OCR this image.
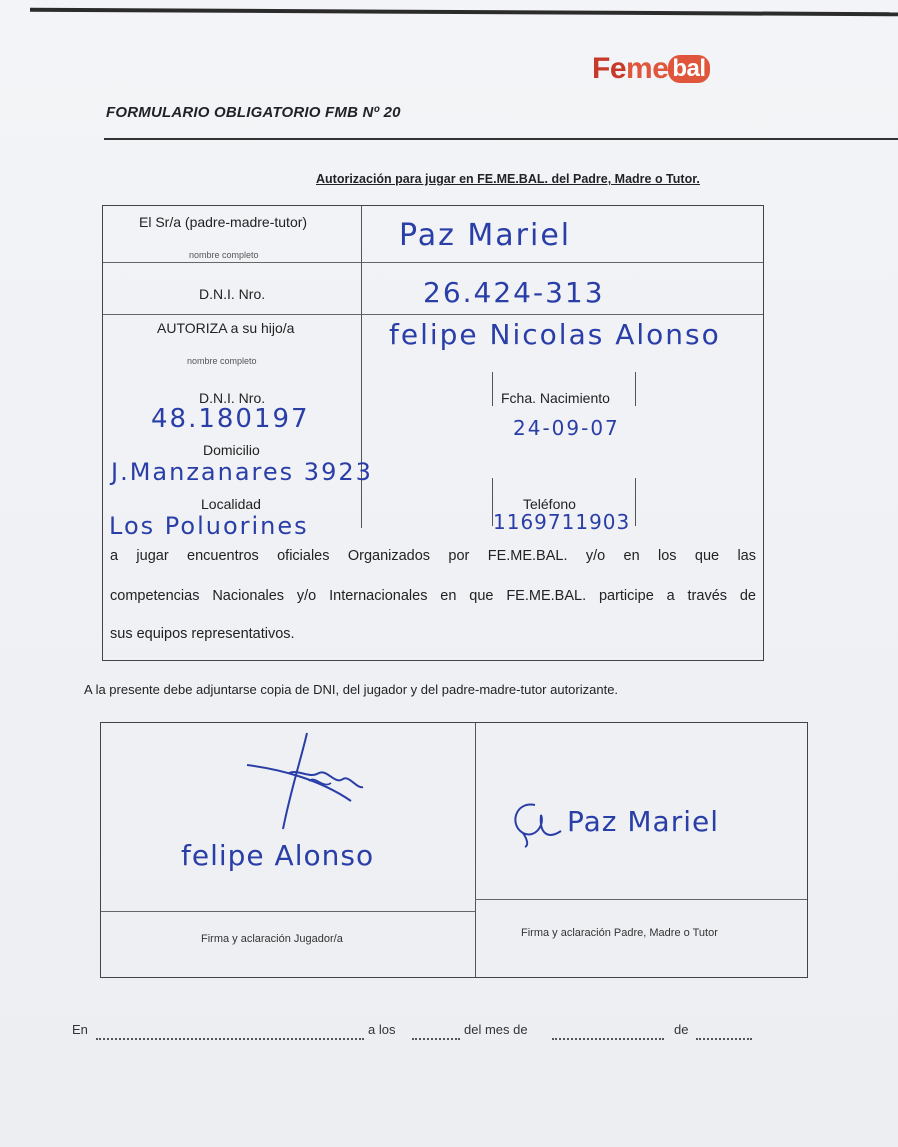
Feme bal
FORMULARIO OBLIGATORIO FMB Nº 20
Autorización para jugar en FE.ME.BAL. del Padre, Madre o Tutor.
El Sr/a (padre-madre-tutor)
nombre completo
Paz Mariel
D.N.I. Nro.	26.424-313
AUTORIZA a su hijo/a
nombre completo
felipe Nicolas Alonso
D.N.I. Nro.
48.180197
Fcha. Nacimiento
24-09-07
Domicilio
J.Manzanares 3923
Localidad
Los Poluorines
Teléfono
1169711903
a jugar encuentros oficiales Organizados por FE.ME.BAL. y/o en los que las
competencias Nacionales y/o Internacionales en que FE.ME.BAL. participe a través de
sus equipos representativos.
A la presente debe adjuntarse copia de DNI, del jugador y del padre-madre-tutor autorizante.
felipe Alonso
Paz Mariel
Firma y aclaración Jugador/a	Firma y aclaración Padre, Madre o Tutor
En	a los	del mes de	de
